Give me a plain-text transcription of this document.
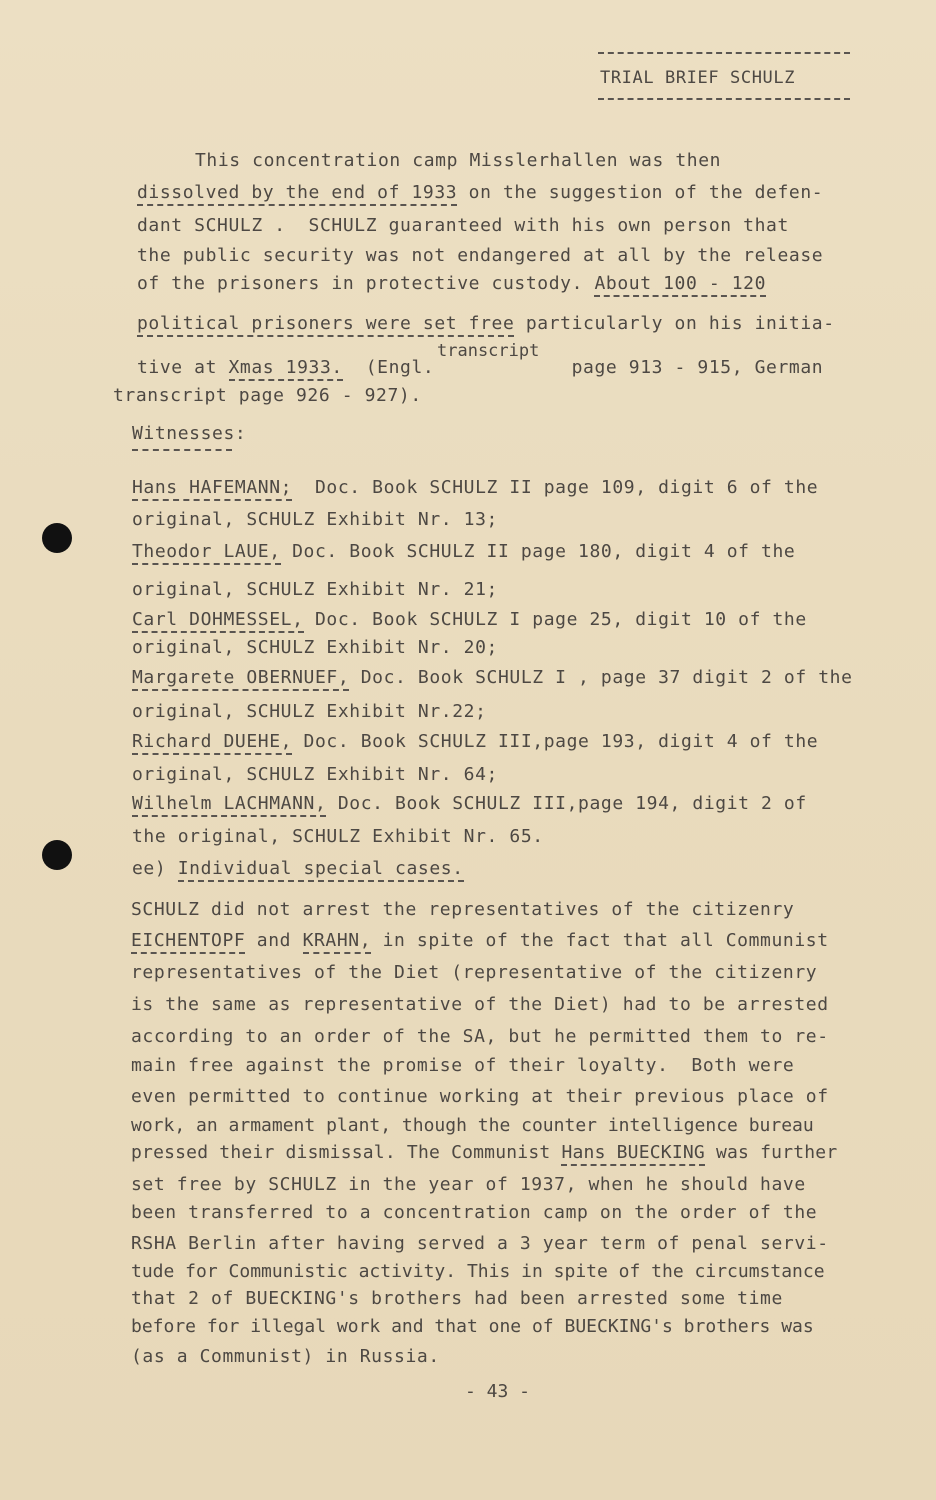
TRIAL BRIEF SCHULZ
This concentration camp Misslerhallen was then
dissolved by the end of 1933 on the suggestion of the defen-
dant SCHULZ .  SCHULZ guaranteed with his own person that
the public security was not endangered at all by the release
of the prisoners in protective custody. About 100 - 120
political prisoners were set free particularly on his initia-
transcript
tive at Xmas 1933.  (Engl.            page 913 - 915, German
transcript page 926 - 927).
Witnesses:
Hans HAFEMANN;  Doc. Book SCHULZ II page 109, digit 6 of the
original, SCHULZ Exhibit Nr. 13;
Theodor LAUE, Doc. Book SCHULZ II page 180, digit 4 of the
original, SCHULZ Exhibit Nr. 21;
Carl DOHMESSEL, Doc. Book SCHULZ I page 25, digit 10 of the
original, SCHULZ Exhibit Nr. 20;
Margarete OBERNUEF, Doc. Book SCHULZ I , page 37 digit 2 of the
original, SCHULZ Exhibit Nr.22;
Richard DUEHE, Doc. Book SCHULZ III,page 193, digit 4 of the
original, SCHULZ Exhibit Nr. 64;
Wilhelm LACHMANN, Doc. Book SCHULZ III,page 194, digit 2 of
the original, SCHULZ Exhibit Nr. 65.
ee) Individual special cases.
SCHULZ did not arrest the representatives of the citizenry
EICHENTOPF and KRAHN, in spite of the fact that all Communist
representatives of the Diet (representative of the citizenry
is the same as representative of the Diet) had to be arrested
according to an order of the SA, but he permitted them to re-
main free against the promise of their loyalty.  Both were
even permitted to continue working at their previous place of
work, an armament plant, though the counter intelligence bureau
pressed their dismissal. The Communist Hans BUECKING was further
set free by SCHULZ in the year of 1937, when he should have
been transferred to a concentration camp on the order of the
RSHA Berlin after having served a 3 year term of penal servi-
tude for Communistic activity. This in spite of the circumstance
that 2 of BUECKING's brothers had been arrested some time
before for illegal work and that one of BUECKING's brothers was
(as a Communist) in Russia.
- 43 -
